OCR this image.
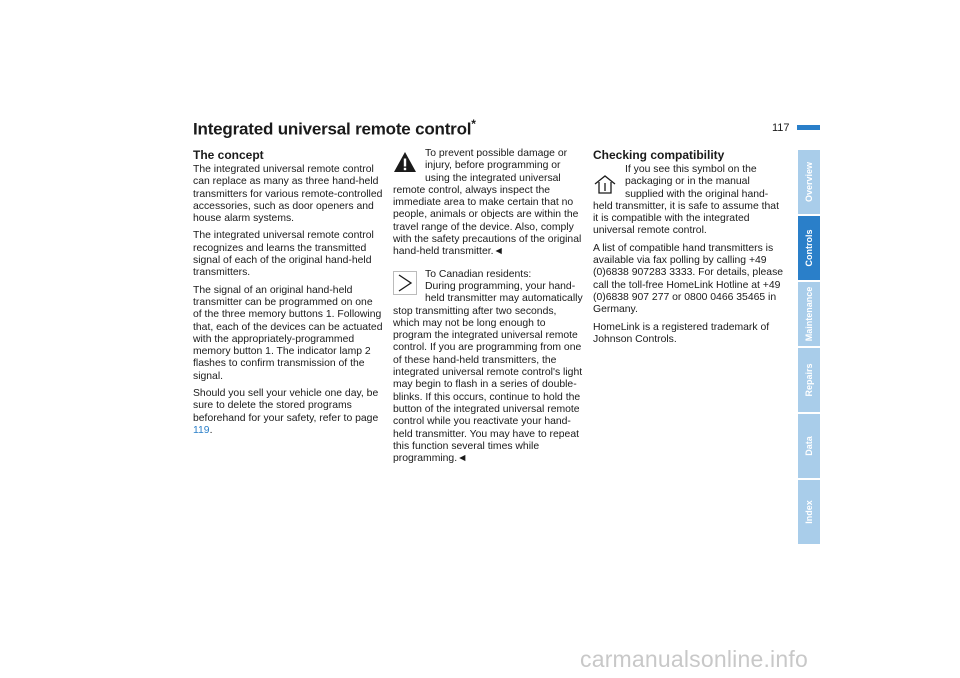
Integrated universal remote control*	117
The concept

The integrated universal remote control can replace as many as three hand-held transmitters for various remote-controlled accessories, such as door openers and house alarm systems.

The integrated universal remote control recognizes and learns the transmitted signal of each of the original hand-held transmitters.

The signal of an original hand-held transmitter can be programmed on one of the three memory buttons 1. Following that, each of the devices can be actuated with the appropriately-programmed memory button 1. The indicator lamp 2 flashes to confirm transmission of the signal.

Should you sell your vehicle one day, be sure to delete the stored programs beforehand for your safety, refer to page 119.

To prevent possible damage or injury, before programming or using the integrated universal remote control, always inspect the immediate area to make certain that no people, animals or objects are within the travel range of the device. Also, comply with the safety precautions of the original hand-held transmitter.◄

To Canadian residents:

During programming, your hand-held transmitter may automatically stop transmitting after two seconds, which may not be long enough to program the integrated universal remote control. If you are programming from one of these hand-held transmitters, the integrated universal remote control's light may begin to flash in a series of double-blinks. If this occurs, continue to hold the button of the integrated universal remote control while you reactivate your hand-held transmitter. You may have to repeat this function several times while programming.◄

Checking compatibility

If you see this symbol on the packaging or in the manual supplied with the original hand-held transmitter, it is safe to assume that it is compatible with the integrated universal remote control.

A list of compatible hand transmitters is available via fax polling by calling +49 (0)6838 907283 3333. For details, please call the toll-free HomeLink Hotline at +49 (0)6838 907 277 or 0800 0466 35465 in Germany.

HomeLink is a registered trademark of Johnson Controls.

Overview
Controls
Maintenance
Repairs
Data
Index
carmanualsonline.info
